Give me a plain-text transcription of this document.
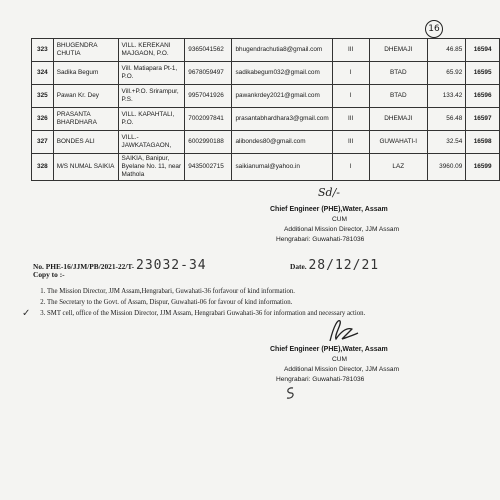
16
323	BHUGENDRA CHUTIA	VILL. KEREKANI MAJGAON, P.O.	9365041562	bhugendrachutia8@gmail.com	III	DHEMAJI	46.85	16594
324	Sadika Begum	Vill. Matiapara Pt-1, P.O.	9678059497	sadikabegum032@gmail.com	I	BTAD	65.92	16595
325	Pawan Kr. Dey	Vill.+P.O. Srirampur, P.S.	9957041926	pawankrdey2021@gmail.com	I	BTAD	133.42	16596
326	PRASANTA BHARDHARA	VILL. KAPAHTALI, P.O.	7002097841	prasantabhardhara3@gmail.com	III	DHEMAJI	56.48	16597
327	BONDES ALI	VILL.- JAWKATAGAON,	6002990188	alibondes80@gmail.com	III	GUWAHATI-I	32.54	16598
328	M/S NUMAL SAIKIA	SAIKIA, Banipur, Byelane No. 11, near Mathola	9435002715	saikianumal@yahoo.in	I	LAZ	3960.09	16599
Sd/-
Chief Engineer (PHE),Water, Assam
CUM
Additional Mission Director, JJM Assam
Hengrabari: Guwahati-781036
No. PHE-16/JJM/PB/2021-22/T- 23032-34	Date. 28/12/21
Copy to :-
1. The Mission Director, JJM Assam,Hengrabari, Guwahati-36 forfavour of kind information.
2. The Secretary to the Govt. of Assam, Dispur, Guwahati-06 for favour of kind information.
3. SMT cell, office of the Mission Director, JJM Assam, Hengrabari Guwahati-36 for information and necessary action.
✓
Chief Engineer (PHE),Water, Assam
CUM
Additional Mission Director, JJM Assam
Hengrabari: Guwahati-781036
